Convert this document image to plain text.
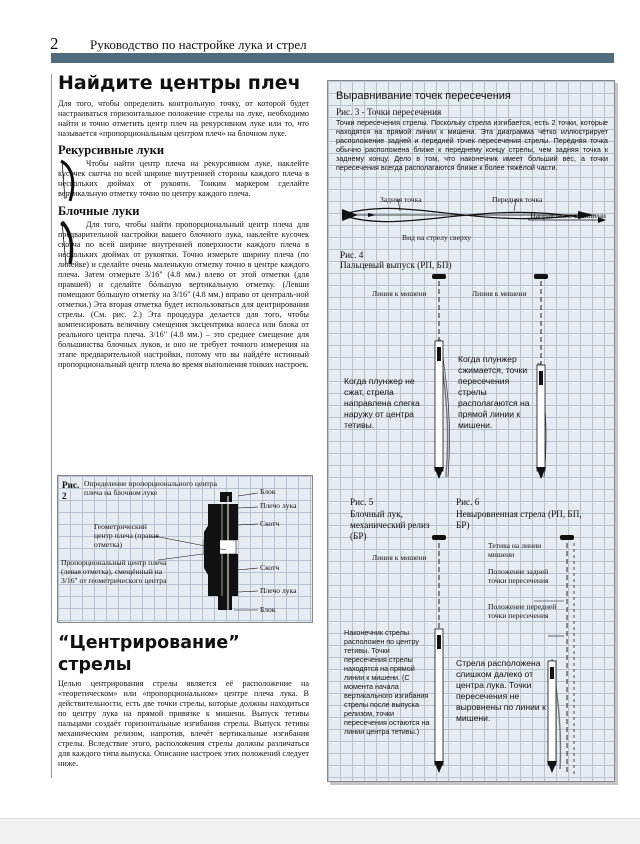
2 Руководство по настройке лука и стрел
Найдите центры плеч
Для того, чтобы определить контрольную точку, от которой будет настраиваться горизонтальное положение стрелы на луке, необходимо найти и точно отметить центр плеч на рекурсивном луке или то, что называется «пропорциональным центром плеч» на блочном луке.
Рекурсивные луки
Чтобы найти центр плеча на рекурсивном луке, наклейте кусочек скотча по всей ширине внутренней стороны каждого плеча в нескольких дюймах от рукояти. Тонким маркером сделайте вертикальную отметку точно по центру каждого плеча.
Блочные луки
Для того, чтобы найти пропорциональный центр плеча для предварительной настройки вашего блочного лука, наклейте кусочек скотча по всей ширине внутренней поверхности каждого плеча в нескольких дюймах от рукоятки. Точно измерьте ширину плеча (по линейке) и сделайте очень маленькую отметку точно в центре каждого плеча. Затем отмерьте 3/16" (4.8 мм.) влево от этой отметки (для правшей) и сделайте бóльшую вертикальную отметку. (Левши помещают бóльшую отметку на 3/16" (4.8 мм.) вправо от централь-ной отметки.) Эта вторая отметка будет использоваться для центрирования стрелы. (См. рис. 2.) Эта процедура делается для того, чтобы компенсировать величину смещения эксцентрика колеса или блока от реального центра плеча. 3/16" (4.8 мм.) – это среднее смещение для большинства блочных луков, и оно не требует точного измерения на этапе предварительной настройки, потому что вы найдёте истинный пропорциональный центр плеча во время выполнения тонких настроек.
Рис. 2
Определение пропорционального центра плеча на блочном луке
Геометрический центр плеча (правая отметка)
Пропорциональный центр плеча (левая отметка), смещённый на 3/16" от геометрического центра
Блок
Плечо лука
Скотч
Скотч
Плечо лука
Блок
“Центрирование” стрелы
Целью центрирования стрелы является её расположение на «теоретическом» или «пропорциональном» центре плеча лука. В действительности, есть две точки стрелы, которые должны находиться по центру лука на прямой привязке к мишени. Выпуск тетивы пальцами создаёт горизонтальные изгибания стрелы. Выпуск тетивы механическим релизом, напротив, влечёт вертикальные изгибания стрелы. Вследствие этого, расположения стрелы должны различаться для каждого типа выпуска. Описание настроек этих положений следует ниже.
Выравнивание точек пересечения
Рис. 3 - Точки пересечения
Точки пересечения стрелы. Поскольку стрела изгибается, есть 2 точки, которые находятся на прямой линии к мишени. Эта диаграмма чётко иллюстрирует расположение задней и передней точек пересечения стрелы. Передняя точка обычно расположена ближе к переднему концу стрелы, чем задняя точка к заднему концу. Дело в том, что наконечник имеет больший вес, а точки пересечения всегда располагаются ближе к более тяжёлой части.
Задняя точка	Передняя точка
Направление к мишени
Вид на стрелу сверху
Рис. 4
Пальцевый выпуск (РП, БП)
Линия к мишени	Линия к мишени
Когда плунжер не сжат, стрела направлена слегка наружу от центра тетивы.
Когда плунжер сжимается, точки пересечения стрелы располагаются на прямой линии к мишени.
Рис. 5
Блочный лук, механический релиз (БР)
Линия к мишени
Наконечник стрелы расположен по центру тетивы. Точки пересечения стрелы находятся на прямой линии к мишени. (С момента начала вертикального изгибания стрелы после выпуска релизом, точки пересечения остаются на линии центра тетивы.)
Рис. 6
Невыровненная стрела (РП, БП, БР)
Тетива на линии мишени
Положение задней точки пересечения
Положение передней точки пересечения
Стрела расположена слишком далеко от центра лука. Точки пересечения не выровнены по линии к мишени.
